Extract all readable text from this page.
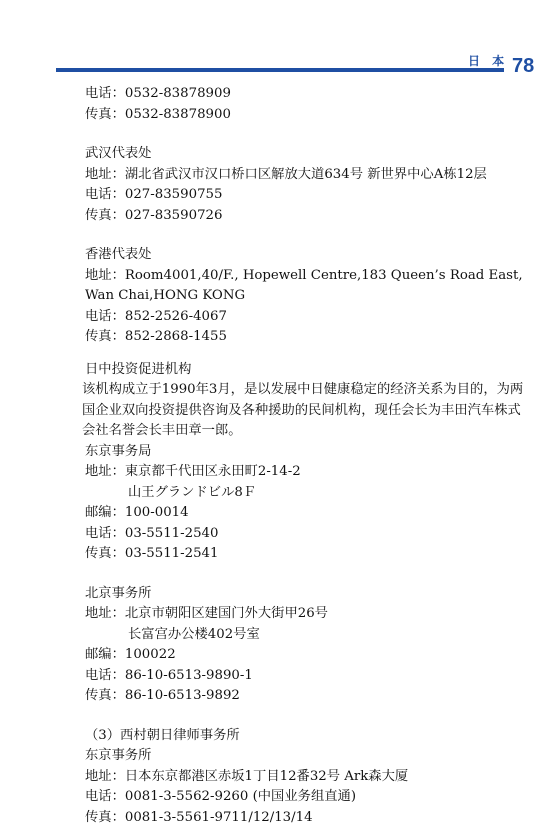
日 本 78
电话：0532-83878909
传真：0532-83878900
武汉代表处
地址：湖北省武汉市汉口桥口区解放大道634号 新世界中心A栋12层
电话：027-83590755
传真：027-83590726
香港代表处
地址：Room4001,40/F., Hopewell Centre,183 Queen’s Road East,
Wan Chai,HONG KONG
电话：852-2526-4067
传真：852-2868-1455
日中投资促进机构
该机构成立于1990年3月，是以发展中日健康稳定的经济关系为目的，为两国企业双向投资提供咨询及各种援助的民间机构，现任会长为丰田汽车株式会社名誉会长丰田章一郎。
东京事务局
地址：東京都千代田区永田町2-14-2
山王グランドビル8Ｆ
邮编：100-0014
电话：03-5511-2540
传真：03-5511-2541
北京事务所
地址：北京市朝阳区建国门外大街甲26号
长富宫办公楼402号室
邮编：100022
电话：86-10-6513-9890-1
传真：86-10-6513-9892
（3）西村朝日律师事务所
东京事务所
地址：日本东京都港区赤坂1丁目12番32号 Ark森大厦
电话：0081-3-5562-9260 (中国业务组直通)
传真：0081-3-5561-9711/12/13/14
